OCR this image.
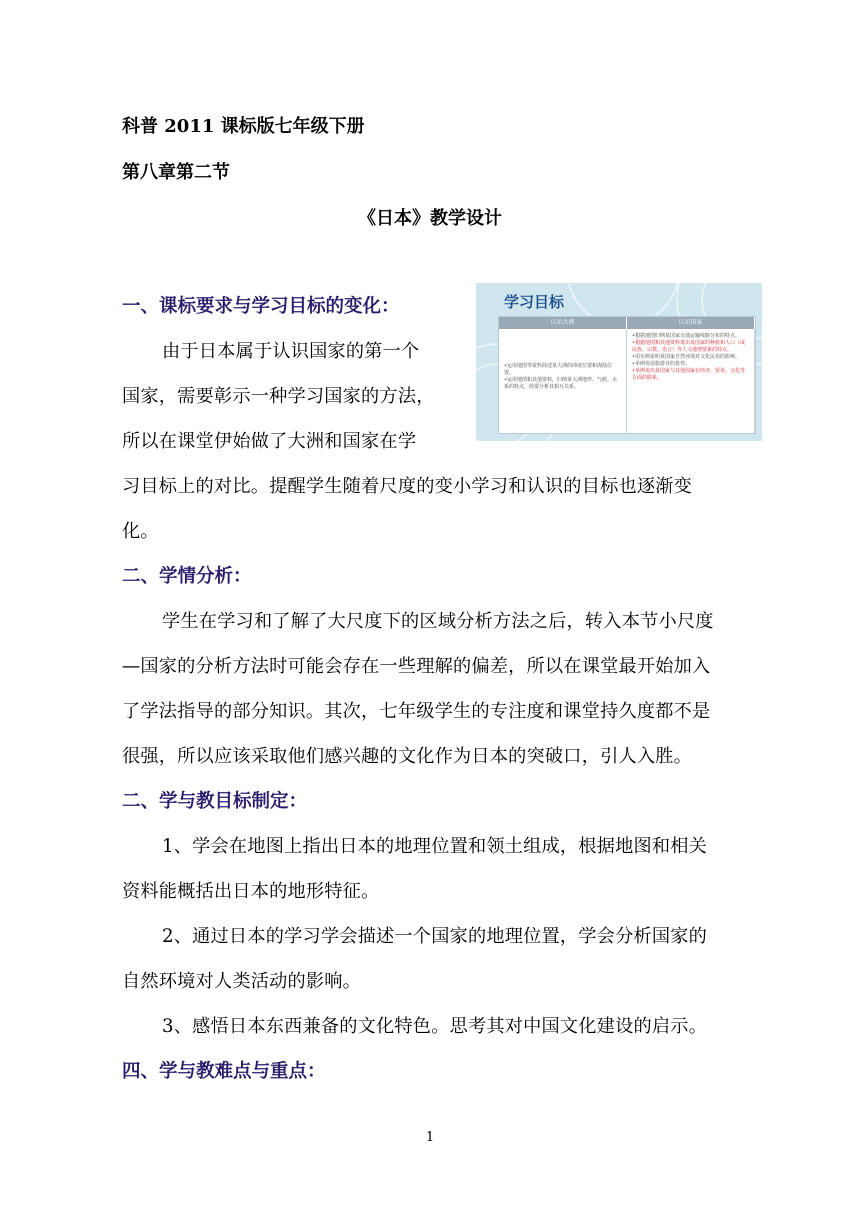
科普 2011 课标版七年级下册
第八章第二节
《日本》教学设计
一、课标要求与学习目标的变化：
由于日本属于认识国家的第一个
国家，需要彰示一种学习国家的方法，
所以在课堂伊始做了大洲和国家在学
习目标上的对比。提醒学生随着尺度的变小学习和认识的目标也逐渐变
化。
学习目标
认识大洲	认识国家
•运用地图等资料简述某大洲的纬度位置和海陆位置。
•运用地图和其他资料，归纳某大洲地形、气候、水系的特点，简要分析其相互关系。
•根据地图归纳某国家交通运输线路分布的特点。
•根据地图和其他资料说出某国家的种族和人口（或民族、宗教、语言）等人文地理要素的特点。
•用实例说明某国家自然环境对文化民俗的影响。
•举例发展旅游业的优势。
•举例说出某国家与其他国家在经济、贸易、文化等方面的联系。
二、学情分析：
学生在学习和了解了大尺度下的区域分析方法之后，转入本节小尺度
—国家的分析方法时可能会存在一些理解的偏差，所以在课堂最开始加入
了学法指导的部分知识。其次，七年级学生的专注度和课堂持久度都不是
很强，所以应该采取他们感兴趣的文化作为日本的突破口，引人入胜。
二、学与教目标制定：
1、学会在地图上指出日本的地理位置和领土组成，根据地图和相关
资料能概括出日本的地形特征。
2、通过日本的学习学会描述一个国家的地理位置，学会分析国家的
自然环境对人类活动的影响。
3、感悟日本东西兼备的文化特色。思考其对中国文化建设的启示。
四、学与教难点与重点：
1
